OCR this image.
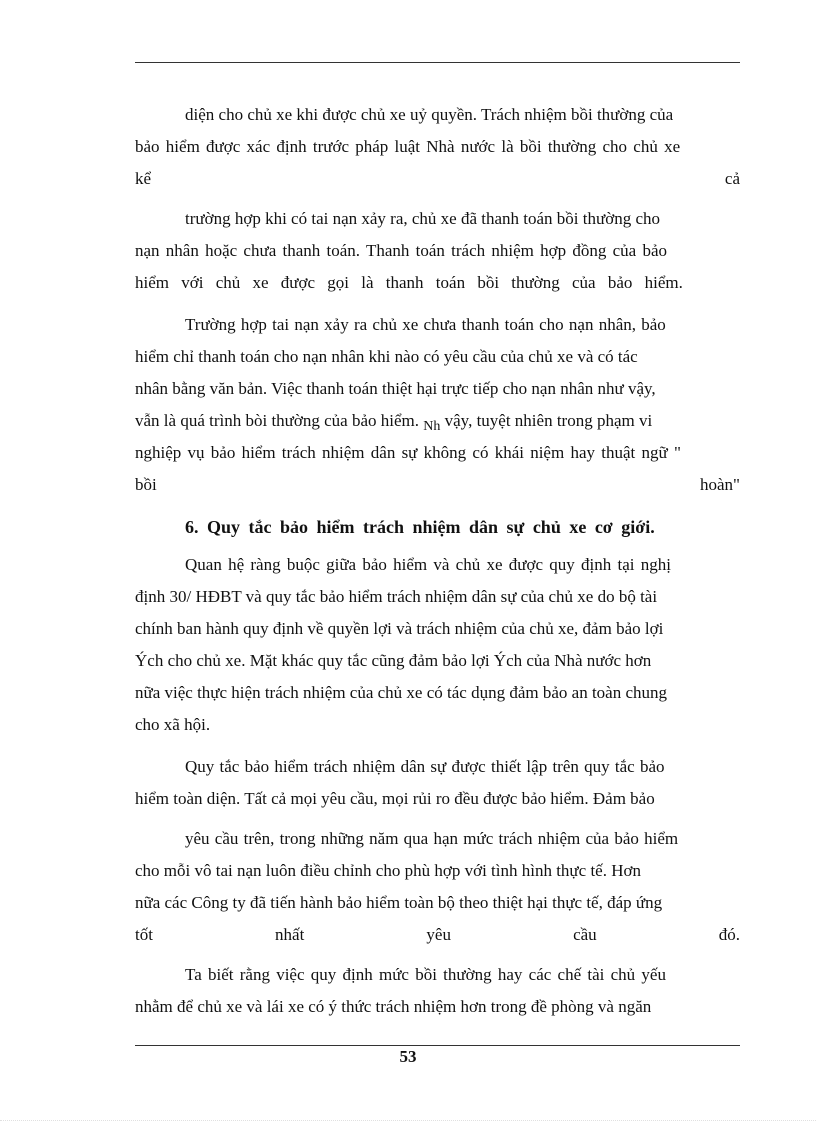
diện cho chủ xe khi được chủ xe uỷ quyền. Trách nhiệm bồi thường của
bảo hiểm được xác định trước pháp luật Nhà nước là bồi thường cho chủ xe
kể	cả
trường hợp khi có tai nạn xảy ra, chủ xe đã thanh toán bồi thường cho
nạn nhân hoặc chưa thanh toán. Thanh toán trách nhiệm hợp đồng của bảo
hiểm với chủ xe được gọi là thanh toán bồi thường của bảo hiểm.
Trường hợp tai nạn xảy ra chủ xe chưa thanh toán cho nạn nhân, bảo
hiểm chỉ thanh toán cho nạn nhân khi nào có yêu cầu của chủ xe và có tác
nhân bằng văn bản. Việc thanh toán thiệt hại trực tiếp cho nạn nhân như vậy,
vẫn là quá trình bòi thường của bảo hiểm. $_{Nh}$ vậy, tuyệt nhiên trong phạm vi
nghiệp vụ bảo hiểm trách nhiệm dân sự không có khái niệm hay thuật ngữ "
bồi	hoàn"
6. Quy tắc bảo hiểm trách nhiệm dân sự chủ xe cơ giới.
Quan hệ ràng buộc giữa bảo hiểm và chủ xe được quy định tại nghị
định 30/ HĐBT và quy tắc bảo hiểm trách nhiệm dân sự của chủ xe do bộ tài
chính ban hành quy định về quyền lợi và trách nhiệm của chủ xe, đảm bảo lợi
Ých cho chủ xe. Mặt khác quy tắc cũng đảm bảo lợi Ých của Nhà nước hơn
nữa việc thực hiện trách nhiệm của chủ xe có tác dụng đảm bảo an toàn chung
cho xã hội.
Quy tắc bảo hiểm trách nhiệm dân sự được thiết lập trên quy tắc bảo
hiểm toàn diện. Tất cả mọi yêu cầu, mọi rủi ro đều được bảo hiểm. Đảm bảo
yêu cầu trên, trong những năm qua hạn mức trách nhiệm của bảo hiểm
cho mỗi vô tai nạn luôn điều chỉnh cho phù hợp với tình hình thực tế. Hơn
nữa các Công ty đã tiến hành bảo hiểm toàn bộ theo thiệt hại thực tế, đáp ứng
tốt	nhất	yêu	cầu	đó.
Ta biết rằng việc quy định mức bồi thường hay các chế tài chủ yếu
nhằm để chủ xe và lái xe có ý thức trách nhiệm hơn trong đề phòng và ngăn
53
